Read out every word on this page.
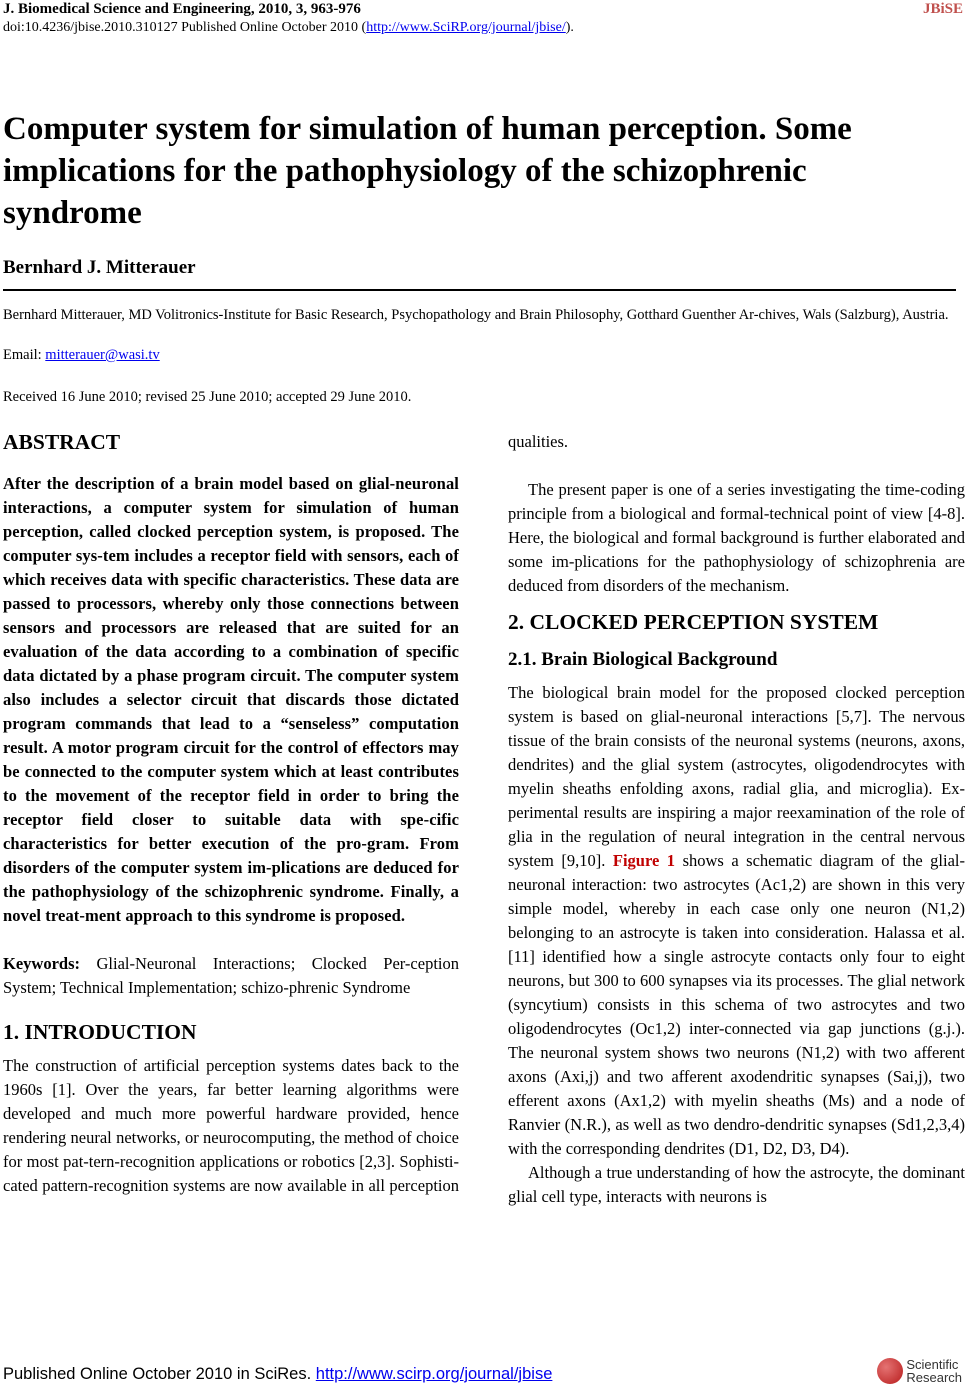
J. Biomedical Science and Engineering, 2010, 3, 963-976	JBiSE
doi:10.4236/jbise.2010.310127 Published Online October 2010 (http://www.SciRP.org/journal/jbise/).
Computer system for simulation of human perception. Some implications for the pathophysiology of the schizophrenic syndrome
Bernhard J. Mitterauer
Bernhard Mitterauer, MD Volitronics-Institute for Basic Research, Psychopathology and Brain Philosophy, Gotthard Guenther Ar-chives, Wals (Salzburg), Austria.
Email: mitterauer@wasi.tv
Received 16 June 2010; revised 25 June 2010; accepted 29 June 2010.
ABSTRACT

After the description of a brain model based on glial-neuronal interactions, a computer system for simulation of human perception, called clocked perception system, is proposed. The computer sys-tem includes a receptor field with sensors, each of which receives data with specific characteristics. These data are passed to processors, whereby only those connections between sensors and processors are released that are suited for an evaluation of the data according to a combination of specific data dictated by a phase program circuit. The computer system also includes a selector circuit that discards those dictated program commands that lead to a “senseless” computation result. A motor program circuit for the control of effectors may be connected to the computer system which at least contributes to the movement of the receptor field in order to bring the receptor field closer to suitable data with spe-cific characteristics for better execution of the pro-gram. From disorders of the computer system im-plications are deduced for the pathophysiology of the schizophrenic syndrome. Finally, a novel treat-ment approach to this syndrome is proposed.

Keywords: Glial-Neuronal Interactions; Clocked Per-ception System; Technical Implementation; schizo-phrenic Syndrome

1. INTRODUCTION

The construction of artificial perception systems dates back to the 1960s [1]. Over the years, far better learning algorithms were developed and much more powerful hardware provided, hence rendering neural networks, or neurocomputing, the method of choice for most pat-tern-recognition applications or robotics [2,3]. Sophisti-cated pattern-recognition systems are now available in all perception

qualities.

The present paper is one of a series investigating the time-coding principle from a biological and formal-technical point of view [4-8]. Here, the biological and formal background is further elaborated and some im-plications for the pathophysiology of schizophrenia are deduced from disorders of the mechanism.

2. CLOCKED PERCEPTION SYSTEM
2.1. Brain Biological Background

The biological brain model for the proposed clocked perception system is based on glial-neuronal interactions [5,7]. The nervous tissue of the brain consists of the neuronal systems (neurons, axons, dendrites) and the glial system (astrocytes, oligodendrocytes with myelin sheaths enfolding axons, radial glia, and microglia). Ex-perimental results are inspiring a major reexamination of the role of glia in the regulation of neural integration in the central nervous system [9,10]. Figure 1 shows a schematic diagram of the glial-neuronal interaction: two astrocytes (Ac1,2) are shown in this very simple model, whereby in each case only one neuron (N1,2) belonging to an astrocyte is taken into consideration. Halassa et al. [11] identified how a single astrocyte contacts only four to eight neurons, but 300 to 600 synapses via its processes. The glial network (syncytium) consists in this schema of two astrocytes and two oligodendrocytes (Oc1,2) inter-connected via gap junctions (g.j.). The neuronal system shows two neurons (N1,2) with two afferent axons (Axi,j) and two afferent axodendritic synapses (Sai,j), two efferent axons (Ax1,2) with myelin sheaths (Ms) and a node of Ranvier (N.R.), as well as two dendro-dendritic synapses (Sd1,2,3,4) with the corresponding dendrites (D1, D2, D3, D4).

Although a true understanding of how the astrocyte, the dominant glial cell type, interacts with neurons is

Published Online October 2010 in SciRes. http://www.scirp.org/journal/jbise
Scientific
Research
